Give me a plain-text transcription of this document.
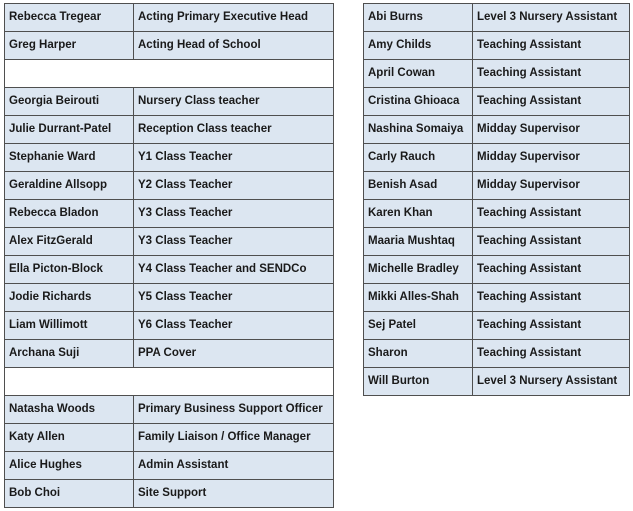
Rebecca Tregear	Acting Primary Executive Head
Greg Harper	Acting Head of School

Georgia Beirouti	Nursery Class teacher
Julie Durrant-Patel	Reception Class teacher
Stephanie Ward	Y1 Class Teacher
Geraldine Allsopp	Y2 Class Teacher
Rebecca Bladon	Y3 Class Teacher
Alex FitzGerald	Y3 Class Teacher
Ella Picton-Block	Y4 Class Teacher and SENDCo
Jodie Richards	Y5 Class Teacher
Liam Willimott	Y6 Class Teacher
Archana Suji	PPA Cover

Natasha Woods	Primary Business Support Officer
Katy Allen	Family Liaison / Office Manager
Alice Hughes	Admin Assistant
Bob Choi	Site Support
Abi Burns	Level 3 Nursery Assistant
Amy Childs	Teaching Assistant
April Cowan	Teaching Assistant
Cristina Ghioaca	Teaching Assistant
Nashina Somaiya	Midday Supervisor
Carly Rauch	Midday Supervisor
Benish Asad	Midday Supervisor
Karen Khan	Teaching Assistant
Maaria Mushtaq	Teaching Assistant
Michelle Bradley	Teaching Assistant
Mikki Alles-Shah	Teaching Assistant
Sej Patel	Teaching Assistant
Sharon	Teaching Assistant
Will Burton	Level 3 Nursery Assistant
